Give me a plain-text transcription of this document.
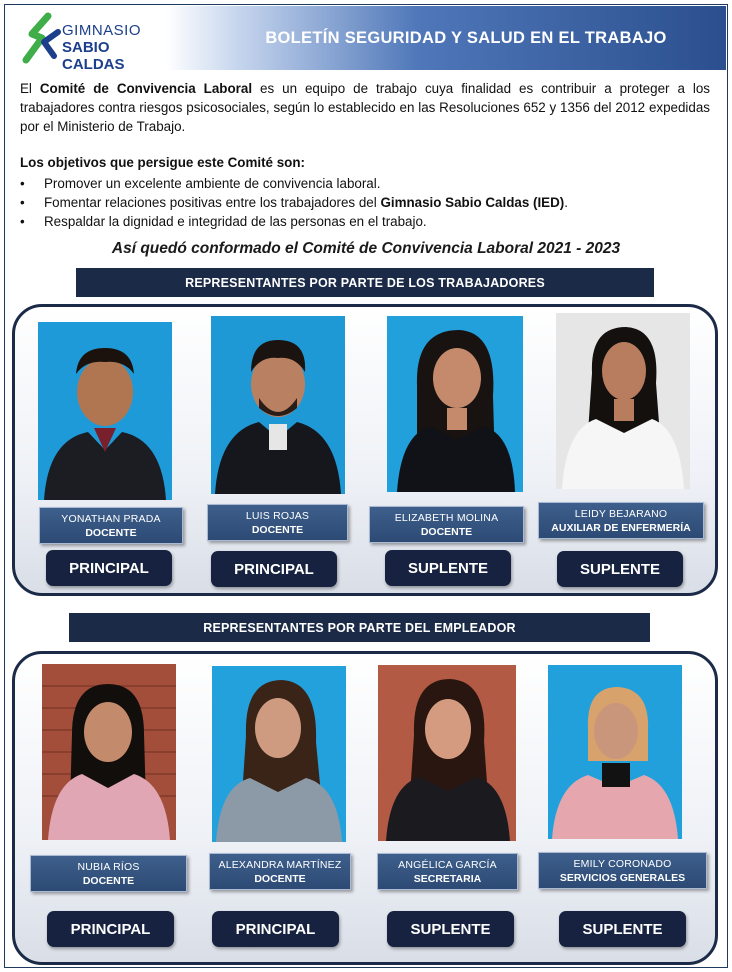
GIMNASIO
SABIO CALDAS
BOLETÍN SEGURIDAD Y SALUD EN EL TRABAJO

El Comité de Convivencia Laboral es un equipo de trabajo cuya finalidad es contribuir a proteger a los trabajadores contra riesgos psicosociales, según lo establecido en las Resoluciones 652 y 1356 del 2012 expedidas por el Ministerio de Trabajo.

Los objetivos que persigue este Comité son:
• Promover un excelente ambiente de convivencia laboral.
• Fomentar relaciones positivas entre los trabajadores del Gimnasio Sabio Caldas (IED).
• Respaldar la dignidad e integridad de las personas en el trabajo.
Así quedó conformado el Comité de Convivencia Laboral 2021 - 2023
REPRESENTANTES POR PARTE DE LOS TRABAJADORES
YONATHAN PRADA
DOCENTE
LUIS ROJAS
DOCENTE
ELIZABETH MOLINA
DOCENTE
LEIDY BEJARANO
AUXILIAR DE ENFERMERÍA
PRINCIPAL	PRINCIPAL	SUPLENTE	SUPLENTE
REPRESENTANTES POR PARTE DEL EMPLEADOR
NUBIA RÍOS
DOCENTE
ALEXANDRA MARTÍNEZ
DOCENTE
ANGÉLICA GARCÍA
SECRETARIA
EMILY CORONADO
SERVICIOS GENERALES
PRINCIPAL	PRINCIPAL	SUPLENTE	SUPLENTE
